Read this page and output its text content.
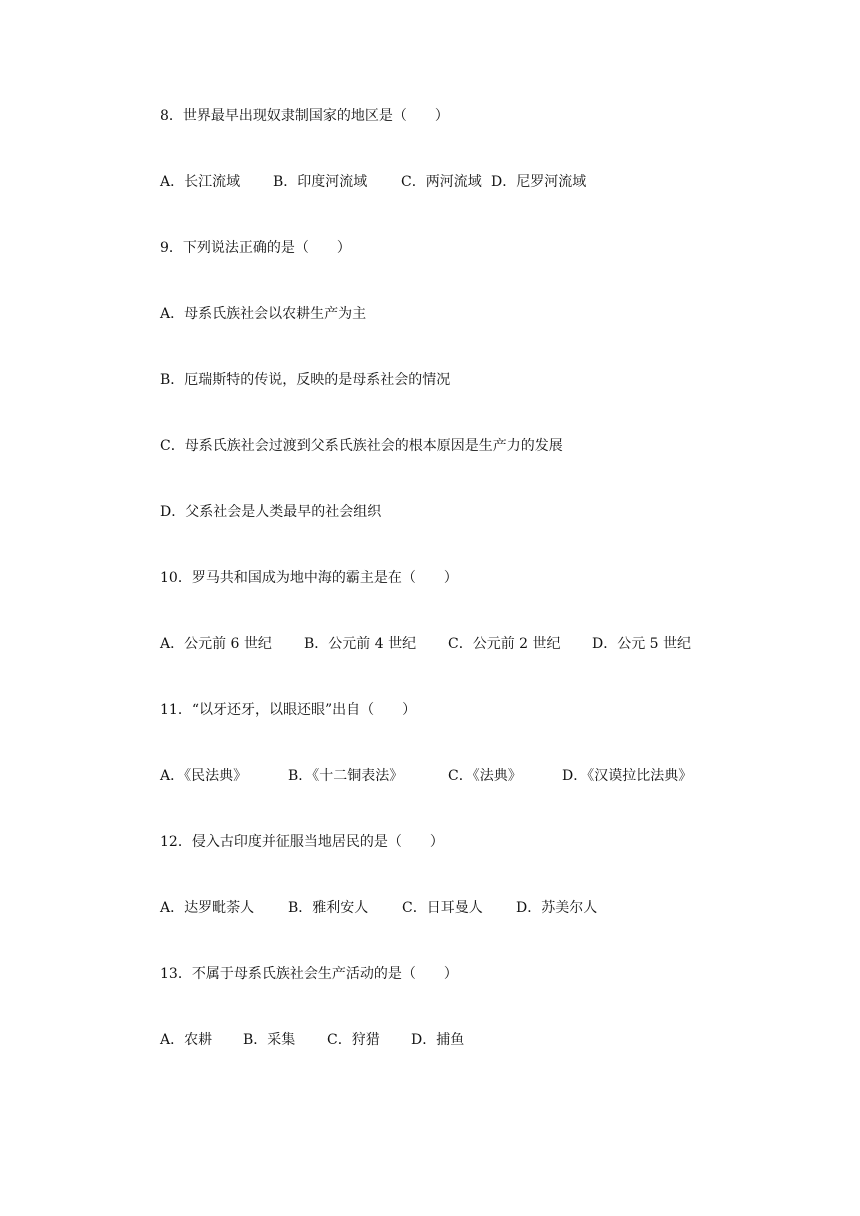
8．世界最早出现奴隶制国家的地区是（　　）
A．长江流域 B．印度河流域 C．两河流域 D．尼罗河流域
9．下列说法正确的是（　　）
A．母系氏族社会以农耕生产为主
B．厄瑞斯特的传说，反映的是母系社会的情况
C．母系氏族社会过渡到父系氏族社会的根本原因是生产力的发展
D．父系社会是人类最早的社会组织
10．罗马共和国成为地中海的霸主是在（　　）
A．公元前 6 世纪 B．公元前 4 世纪 C．公元前 2 世纪 D．公元 5 世纪
11．“以牙还牙，以眼还眼”出自（　　）
A．《民法典》	B．《十二铜表法》	C．《法典》	D．《汉谟拉比法典》
12．侵入古印度并征服当地居民的是（　　）
A．达罗毗荼人 B．雅利安人 C．日耳曼人 D．苏美尔人
13．不属于母系氏族社会生产活动的是（　　）
A．农耕 B．采集 C．狩猎 D．捕鱼
